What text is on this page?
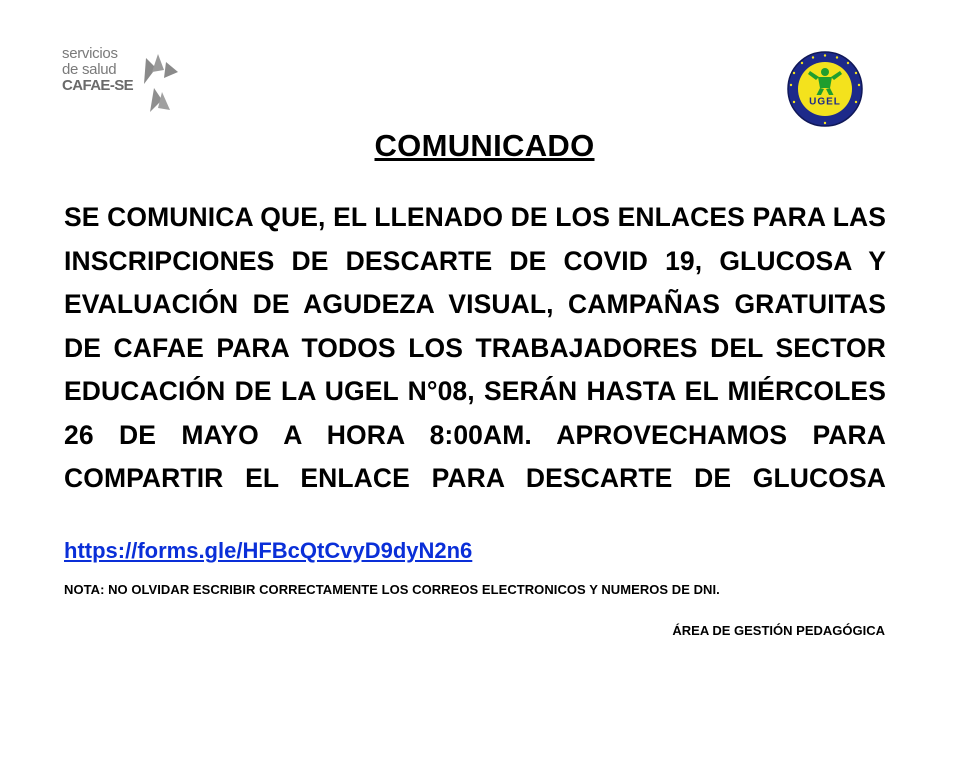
servicios
de salud
CAFAE-SE
UGEL
COMUNICADO

SE COMUNICA QUE, EL LLENADO DE LOS ENLACES PARA LAS INSCRIPCIONES DE DESCARTE DE COVID 19, GLUCOSA Y EVALUACIÓN DE AGUDEZA VISUAL, CAMPAÑAS GRATUITAS DE CAFAE PARA TODOS LOS TRABAJADORES DEL SECTOR EDUCACIÓN DE LA UGEL N°08, SERÁN HASTA EL MIÉRCOLES 26 DE MAYO A HORA 8:00AM. APROVECHAMOS PARA COMPARTIR EL ENLACE PARA DESCARTE DE GLUCOSA

https://forms.gle/HFBcQtCvyD9dyN2n6
NOTA: NO OLVIDAR ESCRIBIR CORRECTAMENTE LOS CORREOS ELECTRONICOS Y NUMEROS DE DNI.
ÁREA DE GESTIÓN PEDAGÓGICA
